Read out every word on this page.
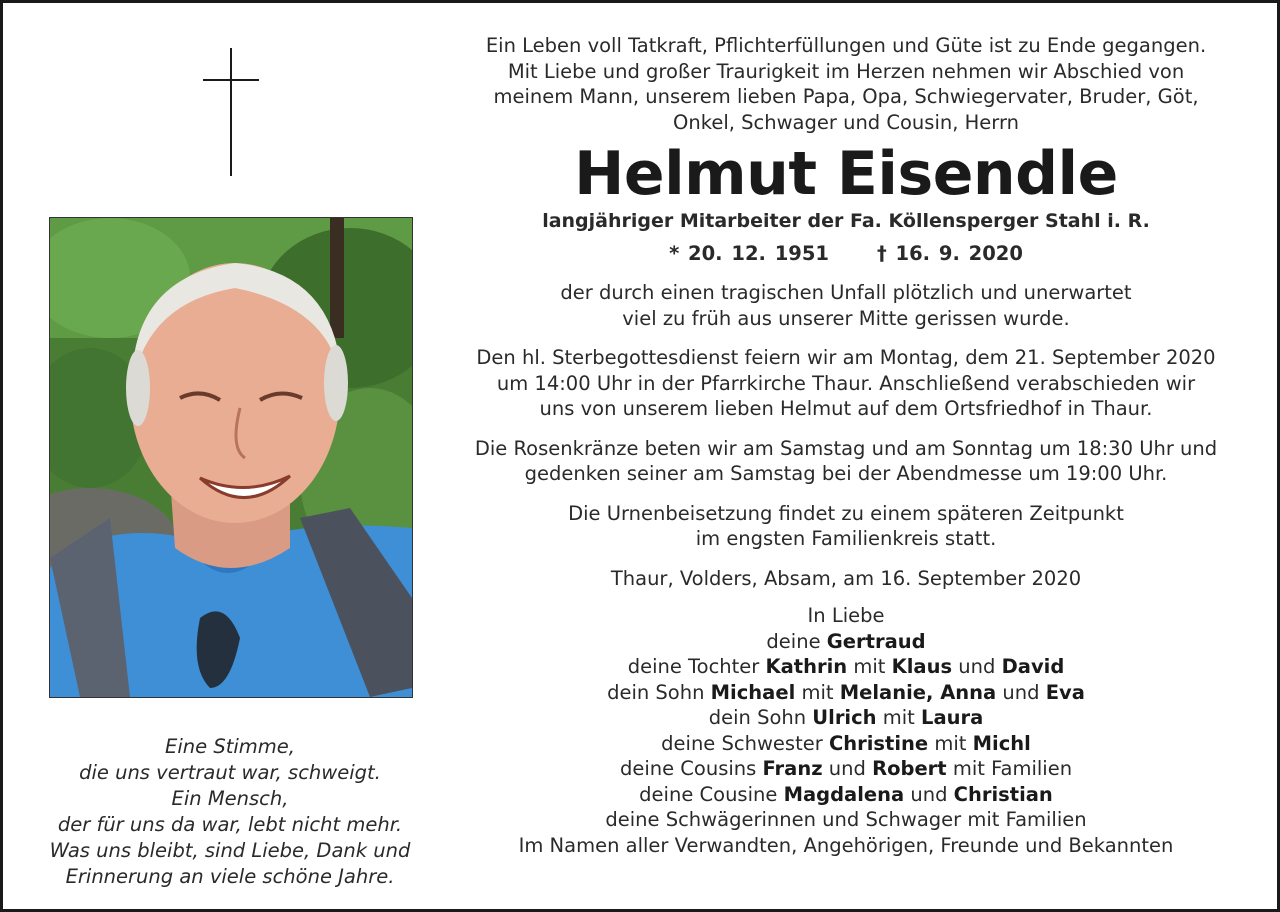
Eine Stimme,
die uns vertraut war, schweigt.
Ein Mensch,
der für uns da war, lebt nicht mehr.
Was uns bleibt, sind Liebe, Dank und
Erinnerung an viele schöne Jahre.
Ein Leben voll Tatkraft, Pflichterfüllungen und Güte ist zu Ende gegangen.
Mit Liebe und großer Traurigkeit im Herzen nehmen wir Abschied von
meinem Mann, unserem lieben Papa, Opa, Schwiegervater, Bruder, Göt,
Onkel, Schwager und Cousin, Herrn
Helmut Eisendle
langjähriger Mitarbeiter der Fa. Köllensperger Stahl i. R.
* 20. 12. 1951 † 16. 9. 2020
der durch einen tragischen Unfall plötzlich und unerwartet
viel zu früh aus unserer Mitte gerissen wurde.
Den hl. Sterbegottesdienst feiern wir am Montag, dem 21. September 2020
um 14:00 Uhr in der Pfarrkirche Thaur. Anschließend verabschieden wir
uns von unserem lieben Helmut auf dem Ortsfriedhof in Thaur.
Die Rosenkränze beten wir am Samstag und am Sonntag um 18:30 Uhr und
gedenken seiner am Samstag bei der Abendmesse um 19:00 Uhr.
Die Urnenbeisetzung findet zu einem späteren Zeitpunkt
im engsten Familienkreis statt.
Thaur, Volders, Absam, am 16. September 2020
In Liebe
deine Gertraud
deine Tochter Kathrin mit Klaus und David
dein Sohn Michael mit Melanie, Anna und Eva
dein Sohn Ulrich mit Laura
deine Schwester Christine mit Michl
deine Cousins Franz und Robert mit Familien
deine Cousine Magdalena und Christian
deine Schwägerinnen und Schwager mit Familien
Im Namen aller Verwandten, Angehörigen, Freunde und Bekannten
